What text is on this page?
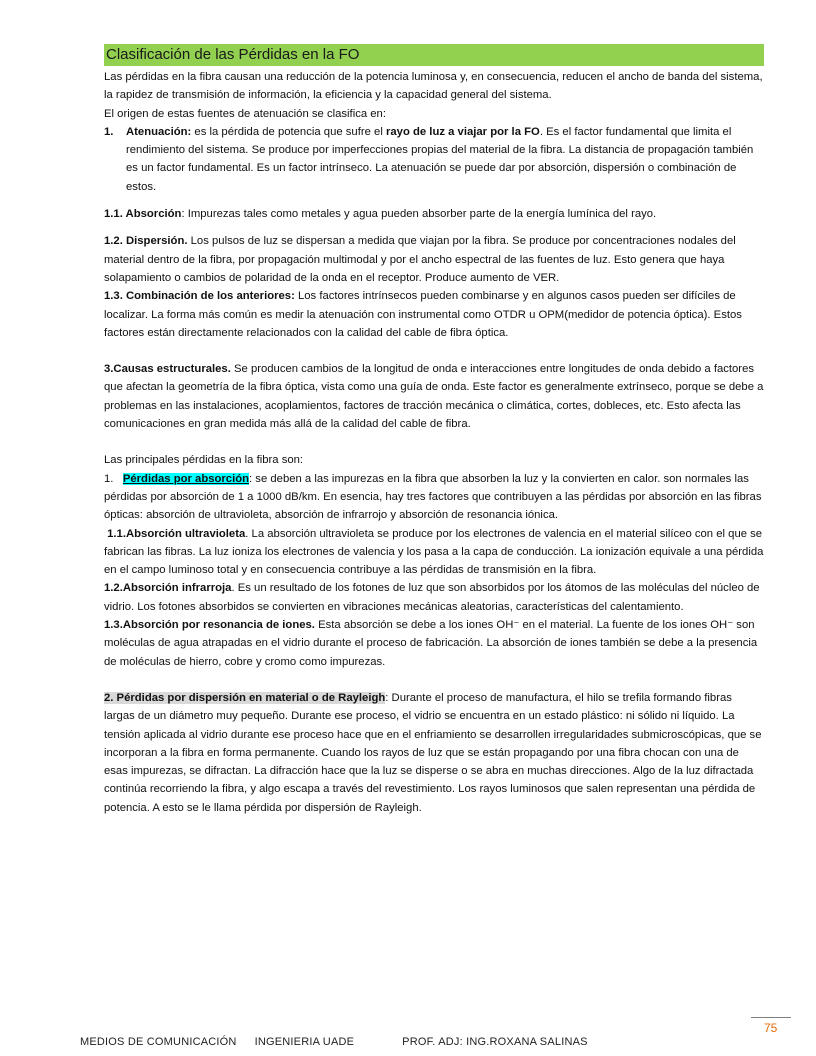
Clasificación de las Pérdidas en la FO

Las pérdidas en la fibra causan una reducción de la potencia luminosa y, en consecuencia, reducen el ancho de banda del sistema, la rapidez de transmisión de información, la eficiencia y la capacidad general del sistema.

El origen de estas fuentes de atenuación se clasifica en:

1.	Atenuación: es la pérdida de potencia que sufre el rayo de luz a viajar por la FO. Es el factor fundamental que limita el rendimiento del sistema. Se produce por imperfecciones propias del material de la fibra. La distancia de propagación también es un factor fundamental. Es un factor intrínseco. La atenuación se puede dar por absorción, dispersión o combinación de estos.

1.1. Absorción: Impurezas tales como metales y agua pueden absorber parte de la energía lumínica del rayo.

1.2. Dispersión. Los pulsos de luz se dispersan a medida que viajan por la fibra. Se produce por concentraciones nodales del material dentro de la fibra, por propagación multimodal y por el ancho espectral de las fuentes de luz. Esto genera que haya solapamiento o cambios de polaridad de la onda en el receptor. Produce aumento de VER.

1.3. Combinación de los anteriores: Los factores intrínsecos pueden combinarse y en algunos casos pueden ser difíciles de localizar. La forma más común es medir la atenuación con instrumental como OTDR u OPM(medidor de potencia óptica). Estos factores están directamente relacionados con la calidad del cable de fibra óptica.

3.Causas estructurales. Se producen cambios de la longitud de onda e interacciones entre longitudes de onda debido a factores que afectan la geometría de la fibra óptica, vista como una guía de onda. Este factor es generalmente extrínseco, porque se debe a problemas en las instalaciones, acoplamientos, factores de tracción mecánica o climática, cortes, dobleces, etc. Esto afecta las comunicaciones en gran medida más allá de la calidad del cable de fibra.

Las principales pérdidas en la fibra son:

1. Pérdidas por absorción: se deben a las impurezas en la fibra que absorben la luz y la convierten en calor. son normales las pérdidas por absorción de 1 a 1000 dB/km. En esencia, hay tres factores que contribuyen a las pérdidas por absorción en las fibras ópticas: absorción de ultravioleta, absorción de infrarrojo y absorción de resonancia iónica.

1.1.Absorción ultravioleta. La absorción ultravioleta se produce por los electrones de valencia en el material silíceo con el que se fabrican las fibras. La luz ioniza los electrones de valencia y los pasa a la capa de conducción. La ionización equivale a una pérdida en el campo luminoso total y en consecuencia contribuye a las pérdidas de transmisión en la fibra.

1.2.Absorción infrarroja. Es un resultado de los fotones de luz que son absorbidos por los átomos de las moléculas del núcleo de vidrio. Los fotones absorbidos se convierten en vibraciones mecánicas aleatorias, características del calentamiento.

1.3.Absorción por resonancia de iones. Esta absorción se debe a los iones OH⁻ en el material. La fuente de los iones OH⁻ son moléculas de agua atrapadas en el vidrio durante el proceso de fabricación. La absorción de iones también se debe a la presencia de moléculas de hierro, cobre y cromo como impurezas.

2. Pérdidas por dispersión en material o de Rayleigh: Durante el proceso de manufactura, el hilo se trefila formando fibras largas de un diámetro muy pequeño. Durante ese proceso, el vidrio se encuentra en un estado plástico: ni sólido ni líquido. La tensión aplicada al vidrio durante ese proceso hace que en el enfriamiento se desarrollen irregularidades submicroscópicas, que se incorporan a la fibra en forma permanente. Cuando los rayos de luz que se están propagando por una fibra chocan con una de esas impurezas, se difractan. La difracción hace que la luz se disperse o se abra en muchas direcciones. Algo de la luz difractada continúa recorriendo la fibra, y algo escapa a través del revestimiento. Los rayos luminosos que salen representan una pérdida de potencia. A esto se le llama pérdida por dispersión de Rayleigh.

75
MEDIOS DE COMUNICACIÓN INGENIERIA UADE	PROF. ADJ: ING.ROXANA SALINAS
